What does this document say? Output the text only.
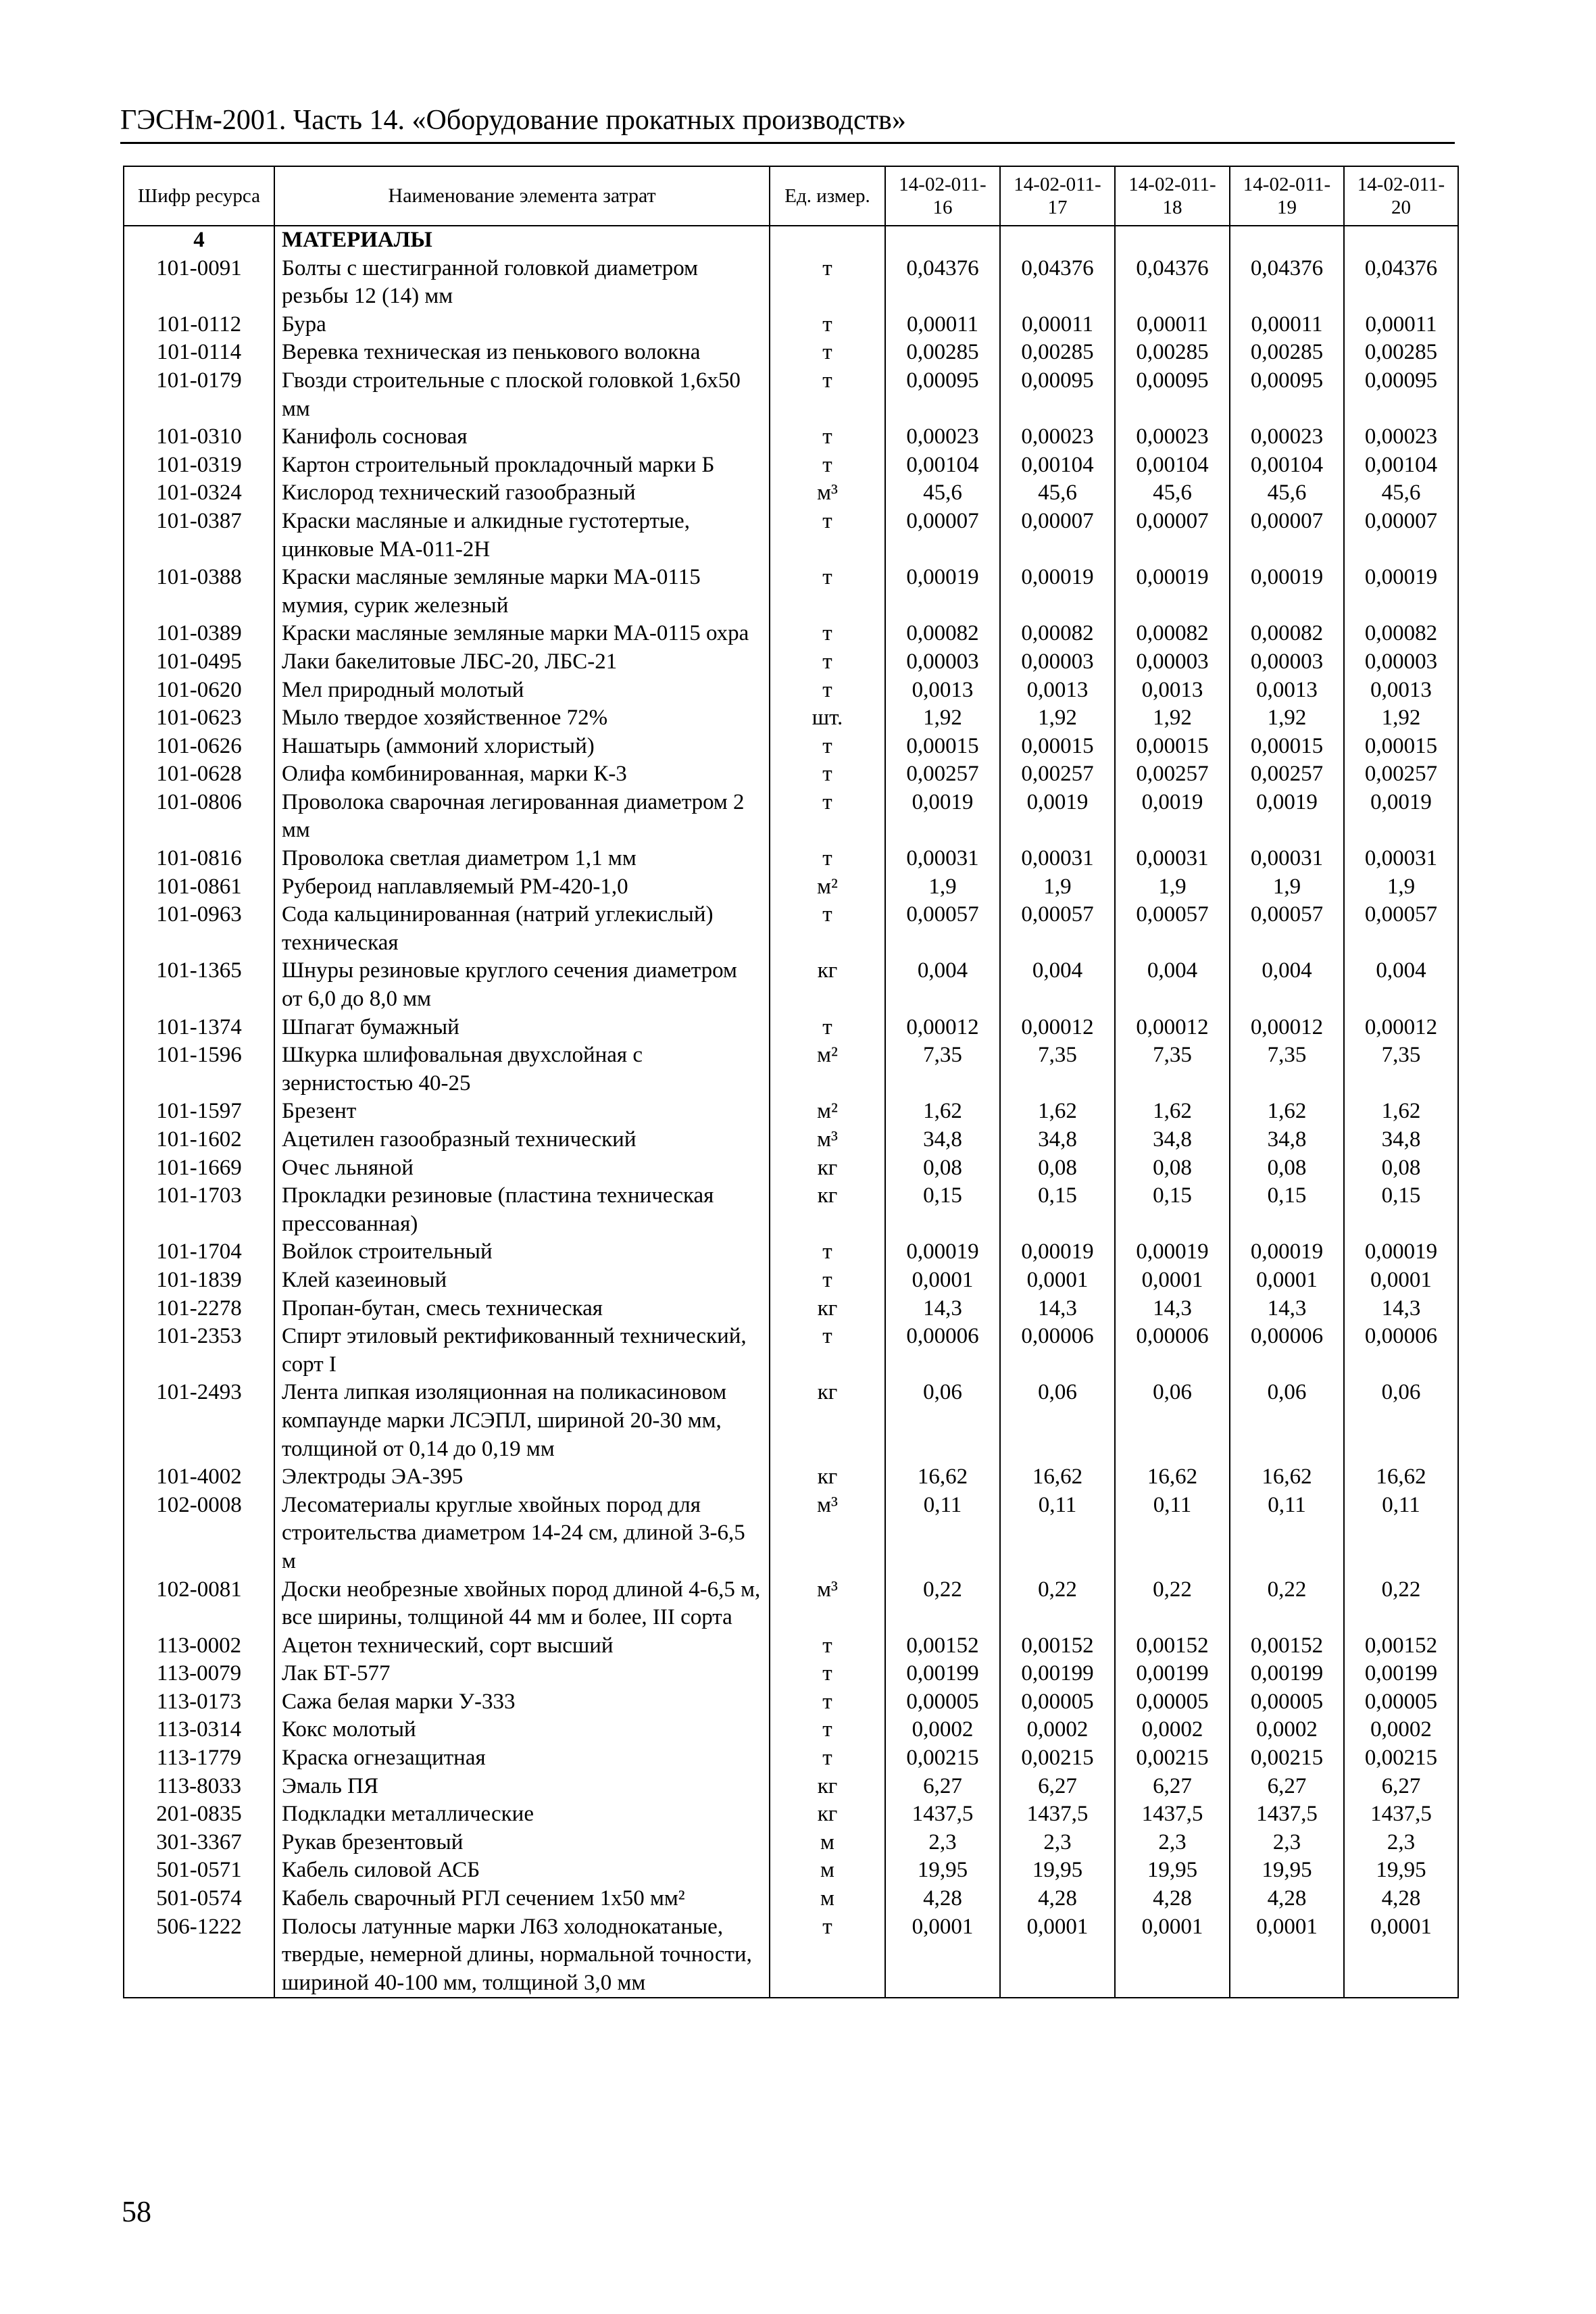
ГЭСНм-2001. Часть 14. «Оборудование прокатных производств»
Шифр ресурса	Наименование элемента затрат	Ед. измер.	14-02-011-16	14-02-011-17	14-02-011-18	14-02-011-19	14-02-011-20
4	МАТЕРИАЛЫ						
101-0091	Болты с шестигранной головкой диаметром резьбы 12 (14) мм	т	0,04376	0,04376	0,04376	0,04376	0,04376
101-0112	Бура	т	0,00011	0,00011	0,00011	0,00011	0,00011
101-0114	Веревка техническая из пенькового волокна	т	0,00285	0,00285	0,00285	0,00285	0,00285
101-0179	Гвозди строительные с плоской головкой 1,6х50 мм	т	0,00095	0,00095	0,00095	0,00095	0,00095
101-0310	Канифоль сосновая	т	0,00023	0,00023	0,00023	0,00023	0,00023
101-0319	Картон строительный прокладочный марки Б	т	0,00104	0,00104	0,00104	0,00104	0,00104
101-0324	Кислород технический газообразный	м³	45,6	45,6	45,6	45,6	45,6
101-0387	Краски масляные и алкидные густотертые, цинковые МА-011-2Н	т	0,00007	0,00007	0,00007	0,00007	0,00007
101-0388	Краски масляные земляные марки МА-0115 мумия, сурик железный	т	0,00019	0,00019	0,00019	0,00019	0,00019
101-0389	Краски масляные земляные марки МА-0115 охра	т	0,00082	0,00082	0,00082	0,00082	0,00082
101-0495	Лаки бакелитовые ЛБС-20, ЛБС-21	т	0,00003	0,00003	0,00003	0,00003	0,00003
101-0620	Мел природный молотый	т	0,0013	0,0013	0,0013	0,0013	0,0013
101-0623	Мыло твердое хозяйственное 72%	шт.	1,92	1,92	1,92	1,92	1,92
101-0626	Нашатырь (аммоний хлористый)	т	0,00015	0,00015	0,00015	0,00015	0,00015
101-0628	Олифа комбинированная, марки К-3	т	0,00257	0,00257	0,00257	0,00257	0,00257
101-0806	Проволока сварочная легированная диаметром 2 мм	т	0,0019	0,0019	0,0019	0,0019	0,0019
101-0816	Проволока светлая диаметром 1,1 мм	т	0,00031	0,00031	0,00031	0,00031	0,00031
101-0861	Рубероид наплавляемый РМ-420-1,0	м²	1,9	1,9	1,9	1,9	1,9
101-0963	Сода кальцинированная (натрий углекислый) техническая	т	0,00057	0,00057	0,00057	0,00057	0,00057
101-1365	Шнуры резиновые круглого сечения диаметром от 6,0 до 8,0 мм	кг	0,004	0,004	0,004	0,004	0,004
101-1374	Шпагат бумажный	т	0,00012	0,00012	0,00012	0,00012	0,00012
101-1596	Шкурка шлифовальная двухслойная с зернистостью 40-25	м²	7,35	7,35	7,35	7,35	7,35
101-1597	Брезент	м²	1,62	1,62	1,62	1,62	1,62
101-1602	Ацетилен газообразный технический	м³	34,8	34,8	34,8	34,8	34,8
101-1669	Очес льняной	кг	0,08	0,08	0,08	0,08	0,08
101-1703	Прокладки резиновые (пластина техническая прессованная)	кг	0,15	0,15	0,15	0,15	0,15
101-1704	Войлок строительный	т	0,00019	0,00019	0,00019	0,00019	0,00019
101-1839	Клей казеиновый	т	0,0001	0,0001	0,0001	0,0001	0,0001
101-2278	Пропан-бутан, смесь техническая	кг	14,3	14,3	14,3	14,3	14,3
101-2353	Спирт этиловый ректификованный технический, сорт I	т	0,00006	0,00006	0,00006	0,00006	0,00006
101-2493	Лента липкая изоляционная на поликасиновом компаунде марки ЛСЭПЛ, шириной 20-30 мм, толщиной от 0,14 до 0,19 мм	кг	0,06	0,06	0,06	0,06	0,06
101-4002	Электроды ЭА-395	кг	16,62	16,62	16,62	16,62	16,62
102-0008	Лесоматериалы круглые хвойных пород для строительства диаметром 14-24 см, длиной 3-6,5 м	м³	0,11	0,11	0,11	0,11	0,11
102-0081	Доски необрезные хвойных пород длиной 4-6,5 м, все ширины, толщиной 44 мм и более, III сорта	м³	0,22	0,22	0,22	0,22	0,22
113-0002	Ацетон технический, сорт высший	т	0,00152	0,00152	0,00152	0,00152	0,00152
113-0079	Лак БТ-577	т	0,00199	0,00199	0,00199	0,00199	0,00199
113-0173	Сажа белая марки У-333	т	0,00005	0,00005	0,00005	0,00005	0,00005
113-0314	Кокс молотый	т	0,0002	0,0002	0,0002	0,0002	0,0002
113-1779	Краска огнезащитная	т	0,00215	0,00215	0,00215	0,00215	0,00215
113-8033	Эмаль ПЯ	кг	6,27	6,27	6,27	6,27	6,27
201-0835	Подкладки металлические	кг	1437,5	1437,5	1437,5	1437,5	1437,5
301-3367	Рукав брезентовый	м	2,3	2,3	2,3	2,3	2,3
501-0571	Кабель силовой АСБ	м	19,95	19,95	19,95	19,95	19,95
501-0574	Кабель сварочный РГЛ сечением 1х50 мм²	м	4,28	4,28	4,28	4,28	4,28
506-1222	Полосы латунные марки Л63 холоднокатаные, твердые, немерной длины, нормальной точности, шириной 40-100 мм, толщиной 3,0 мм	т	0,0001	0,0001	0,0001	0,0001	0,0001
58
